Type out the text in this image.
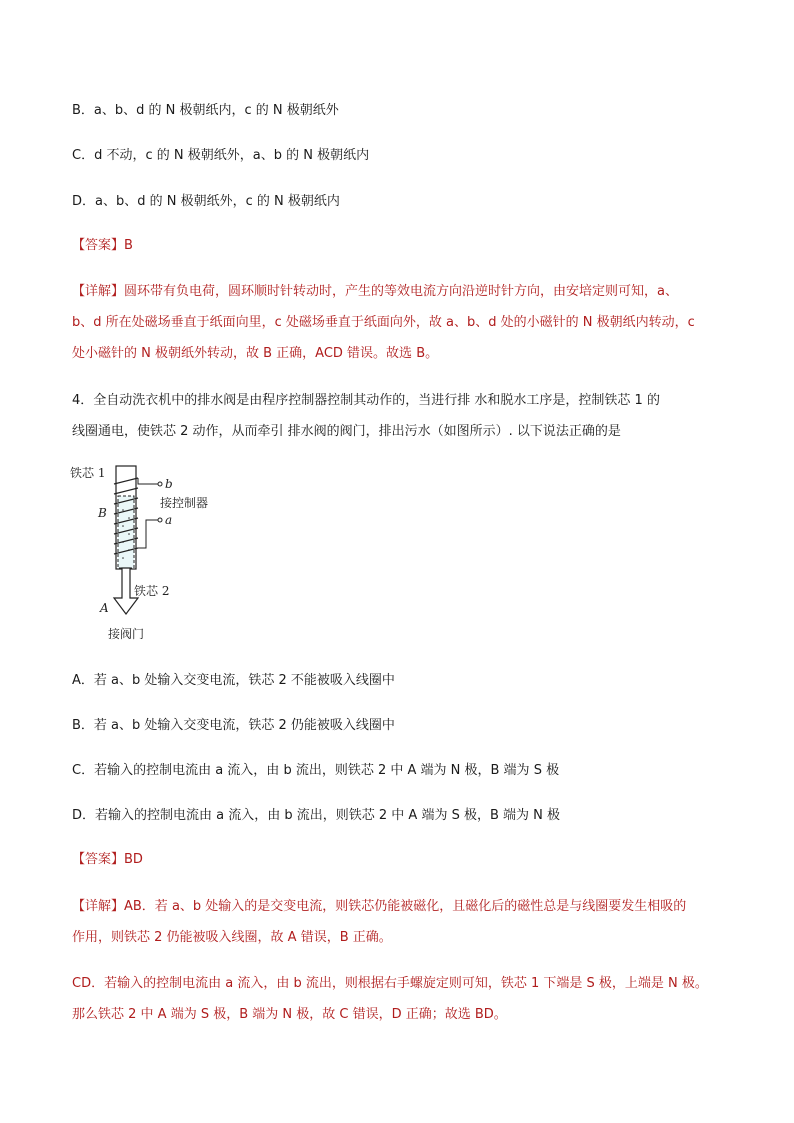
B．a、b、d 的 N 极朝纸内，c 的 N 极朝纸外
C．d 不动，c 的 N 极朝纸外，a、b 的 N 极朝纸内
D．a、b、d 的 N 极朝纸外，c 的 N 极朝纸内
【答案】B
【详解】圆环带有负电荷，圆环顺时针转动时，产生的等效电流方向沿逆时针方向，由安培定则可知，a、
b、d 所在处磁场垂直于纸面向里，c 处磁场垂直于纸面向外，故 a、b、d 处的小磁针的 N 极朝纸内转动，c
处小磁针的 N 极朝纸外转动，故 B 正确，ACD 错误。故选 B。
4．全自动洗衣机中的排水阀是由程序控制器控制其动作的，当进行排 水和脱水工序是，控制铁芯 1 的
线圈通电，使铁芯 2 动作，从而牵引 排水阀的阀门，排出污水（如图所示）. 以下说法正确的是
铁芯 1
B
b
接控制器
a
铁芯 2
A
接阀门
A．若 a、b 处输入交变电流，铁芯 2 不能被吸入线圈中
B．若 a、b 处输入交变电流，铁芯 2 仍能被吸入线圈中
C．若输入的控制电流由 a 流入，由 b 流出，则铁芯 2 中 A 端为 N 极，B 端为 S 极
D．若输入的控制电流由 a 流入，由 b 流出，则铁芯 2 中 A 端为 S 极，B 端为 N 极
【答案】BD
【详解】AB．若 a、b 处输入的是交变电流，则铁芯仍能被磁化，且磁化后的磁性总是与线圈要发生相吸的
作用，则铁芯 2 仍能被吸入线圈，故 A 错误，B 正确。
CD．若输入的控制电流由 a 流入，由 b 流出，则根据右手螺旋定则可知，铁芯 1 下端是 S 极，上端是 N 极。
那么铁芯 2 中 A 端为 S 极，B 端为 N 极，故 C 错误，D 正确；故选 BD。
